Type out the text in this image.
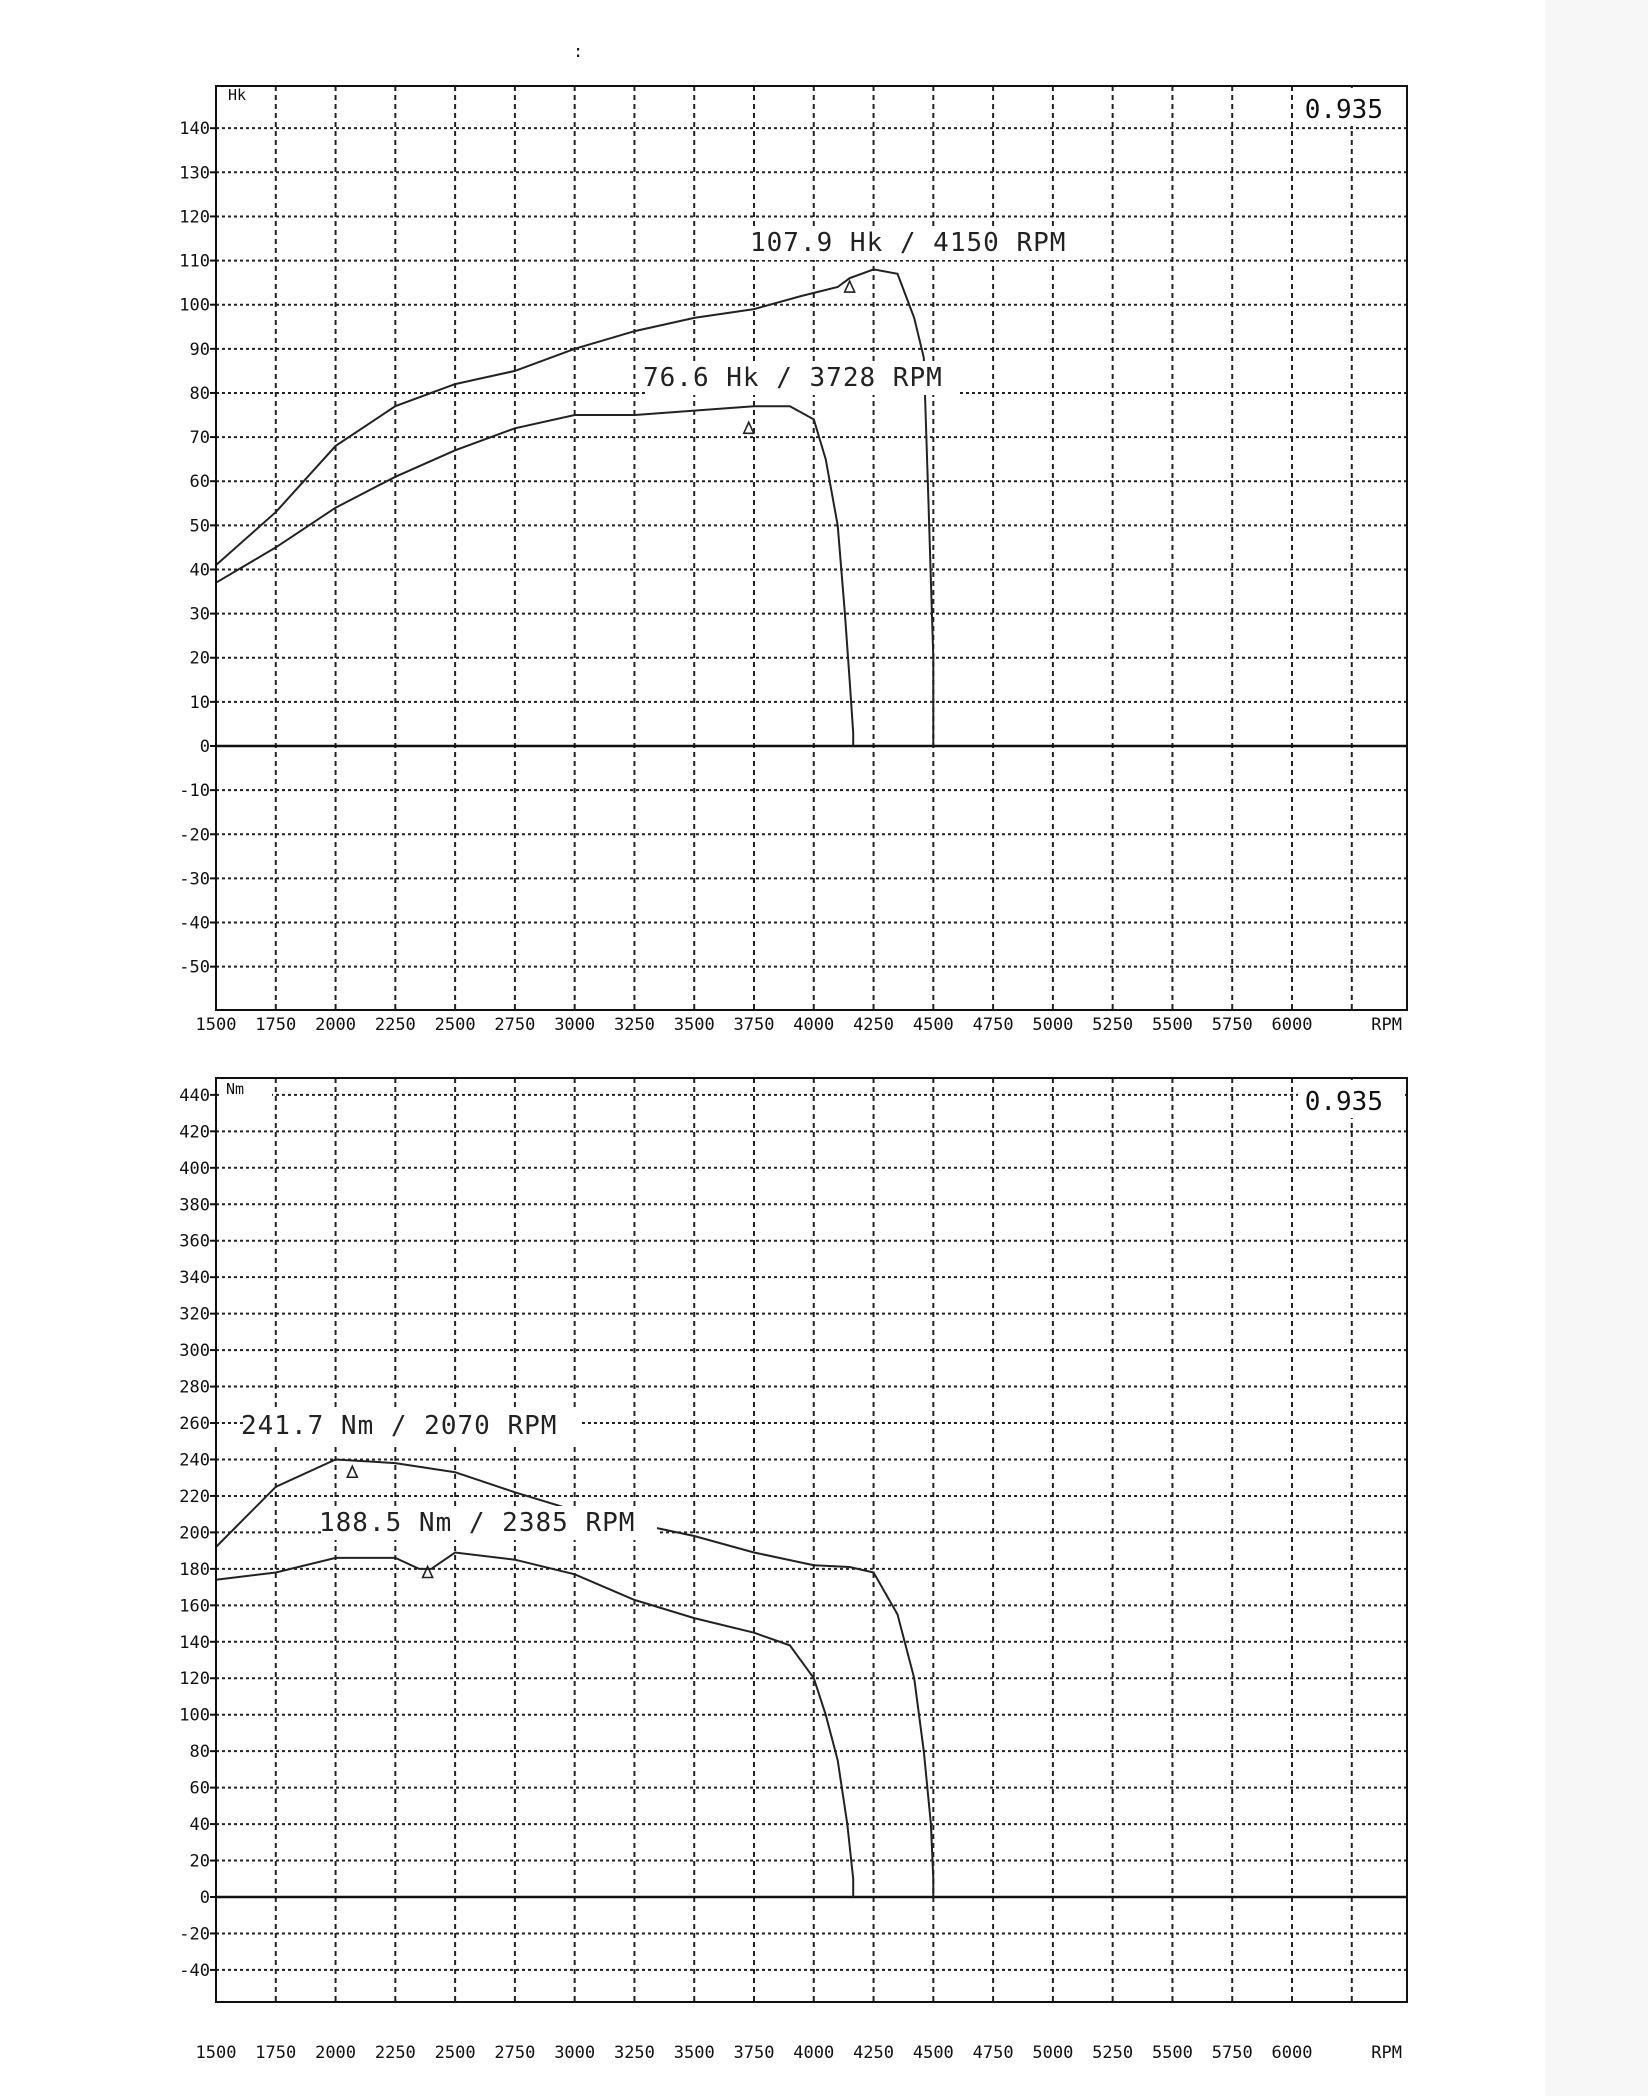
:
140
130
120
110
100
90
80
70
60
50
40
30
20
10
0
-10
-20
-30
-40
-50
1500 1750 2000 2250 2500 2750 3000 3250 3500 3750 4000 4250 4500 4750 5000 5250 5500 5750 6000
0.935
Hk
RPM
107.9 Hk / 4150 RPM
76.6 Hk / 3728 RPM
440
420
400
380
360
340
320
300
280
260
240
220
200
180
160
140
120
100
80
60
40
20
0
-20
-40
1500 1750 2000 2250 2500 2750 3000 3250 3500 3750 4000 4250 4500 4750 5000 5250 5500 5750 6000
0.935
Nm
RPM
241.7 Nm / 2070 RPM
188.5 Nm / 2385 RPM
